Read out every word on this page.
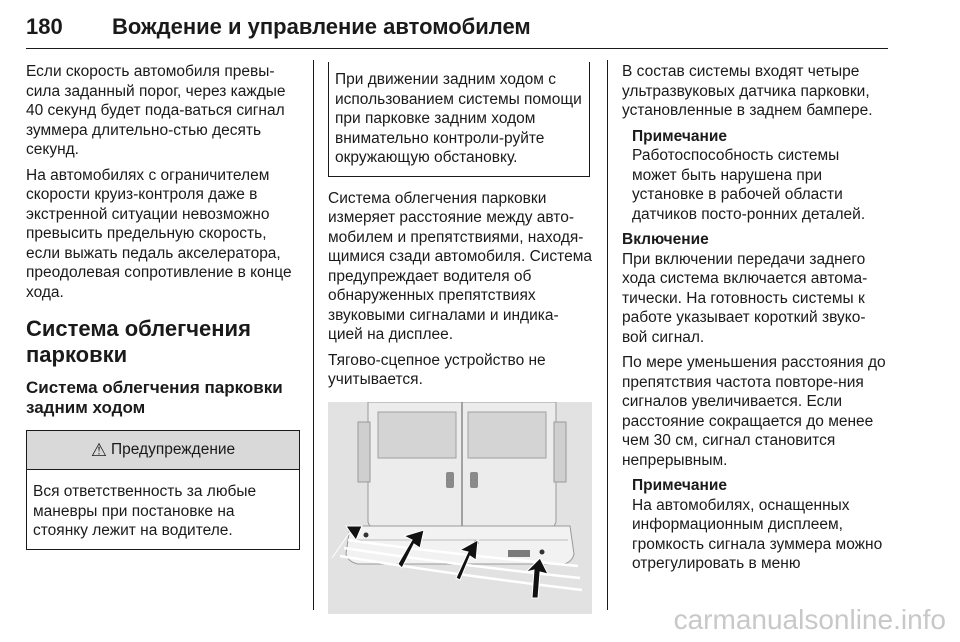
180 Вождение и управление автомобилем

Если скорость автомобиля превы-сила заданный порог, через каждые 40 секунд будет пода-ваться сигнал зуммера длительно-стью десять секунд.

На автомобилях с ограничителем скорости круиз-контроля даже в экстренной ситуации невозможно превысить предельную скорость, если выжать педаль акселератора, преодолевая сопротивление в конце хода.

Система облегчения парковки
Система облегчения парковки задним ходом
⚠ Предупреждение

Вся ответственность за любые маневры при постановке на стоянку лежит на водителе.

При движении задним ходом с использованием системы помощи при парковке задним ходом внимательно контроли-руйте окружающую обстановку.

Система облегчения парковки измеряет расстояние между авто-мобилем и препятствиями, находя-щимися сзади автомобиля. Система предупреждает водителя об обнаруженных препятствиях звуковыми сигналами и индика-цией на дисплее.

Тягово-сцепное устройство не учитывается.

В состав системы входят четыре ультразвуковых датчика парковки, установленные в заднем бампере.

Примечание

Работоспособность системы может быть нарушена при установке в рабочей области датчиков посто-ронних деталей.

Включение

При включении передачи заднего хода система включается автома-тически. На готовность системы к работе указывает короткий звуко-вой сигнал.

По мере уменьшения расстояния до препятствия частота повторе-ния сигналов увеличивается. Если расстояние сокращается до менее чем 30 см, сигнал становится непрерывным.

Примечание

На автомобилях, оснащенных информационным дисплеем, громкость сигнала зуммера можно отрегулировать в меню

carmanualsonline.info
